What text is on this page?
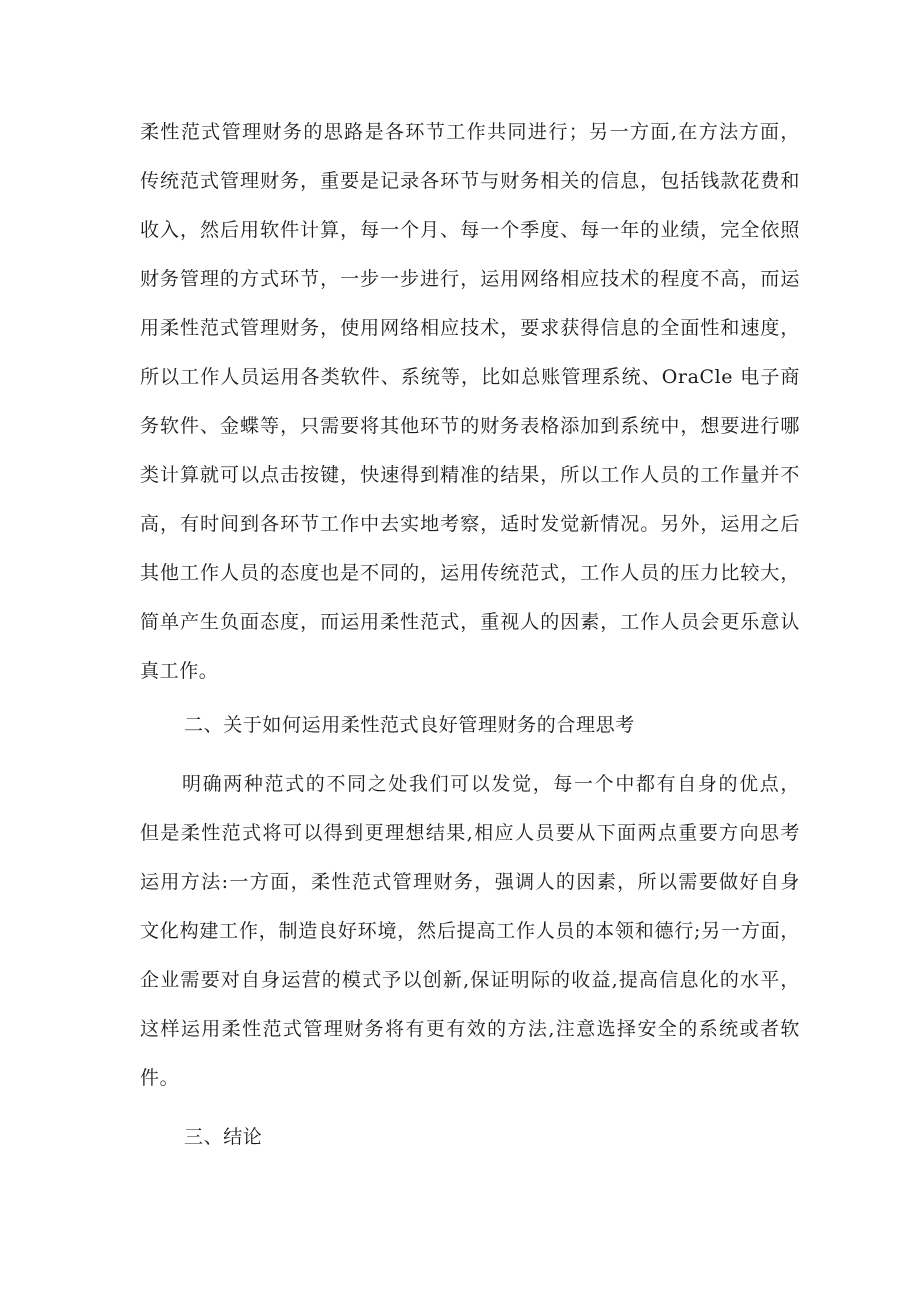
柔性范式管理财务的思路是各环节工作共同进行；另一方面,在方法方面，
传统范式管理财务，重要是记录各环节与财务相关的信息，包括钱款花费和
收入，然后用软件计算，每一个月、每一个季度、每一年的业绩，完全依照
财务管理的方式环节，一步一步进行，运用网络相应技术的程度不高，而运
用柔性范式管理财务，使用网络相应技术，要求获得信息的全面性和速度，
所以工作人员运用各类软件、系统等，比如总账管理系统、OraCle 电子商
务软件、金蝶等，只需要将其他环节的财务表格添加到系统中，想要进行哪
类计算就可以点击按键，快速得到精准的结果，所以工作人员的工作量并不
高，有时间到各环节工作中去实地考察，适时发觉新情况。另外，运用之后
其他工作人员的态度也是不同的，运用传统范式，工作人员的压力比较大，
简单产生负面态度，而运用柔性范式，重视人的因素，工作人员会更乐意认
真工作。
二、关于如何运用柔性范式良好管理财务的合理思考
明确两种范式的不同之处我们可以发觉，每一个中都有自身的优点，
但是柔性范式将可以得到更理想结果,相应人员要从下面两点重要方向思考
运用方法:一方面，柔性范式管理财务，强调人的因素，所以需要做好自身
文化构建工作，制造良好环境，然后提高工作人员的本领和德行;另一方面，
企业需要对自身运营的模式予以创新,保证明际的收益,提高信息化的水平，
这样运用柔性范式管理财务将有更有效的方法,注意选择安全的系统或者软
件。
三、结论
